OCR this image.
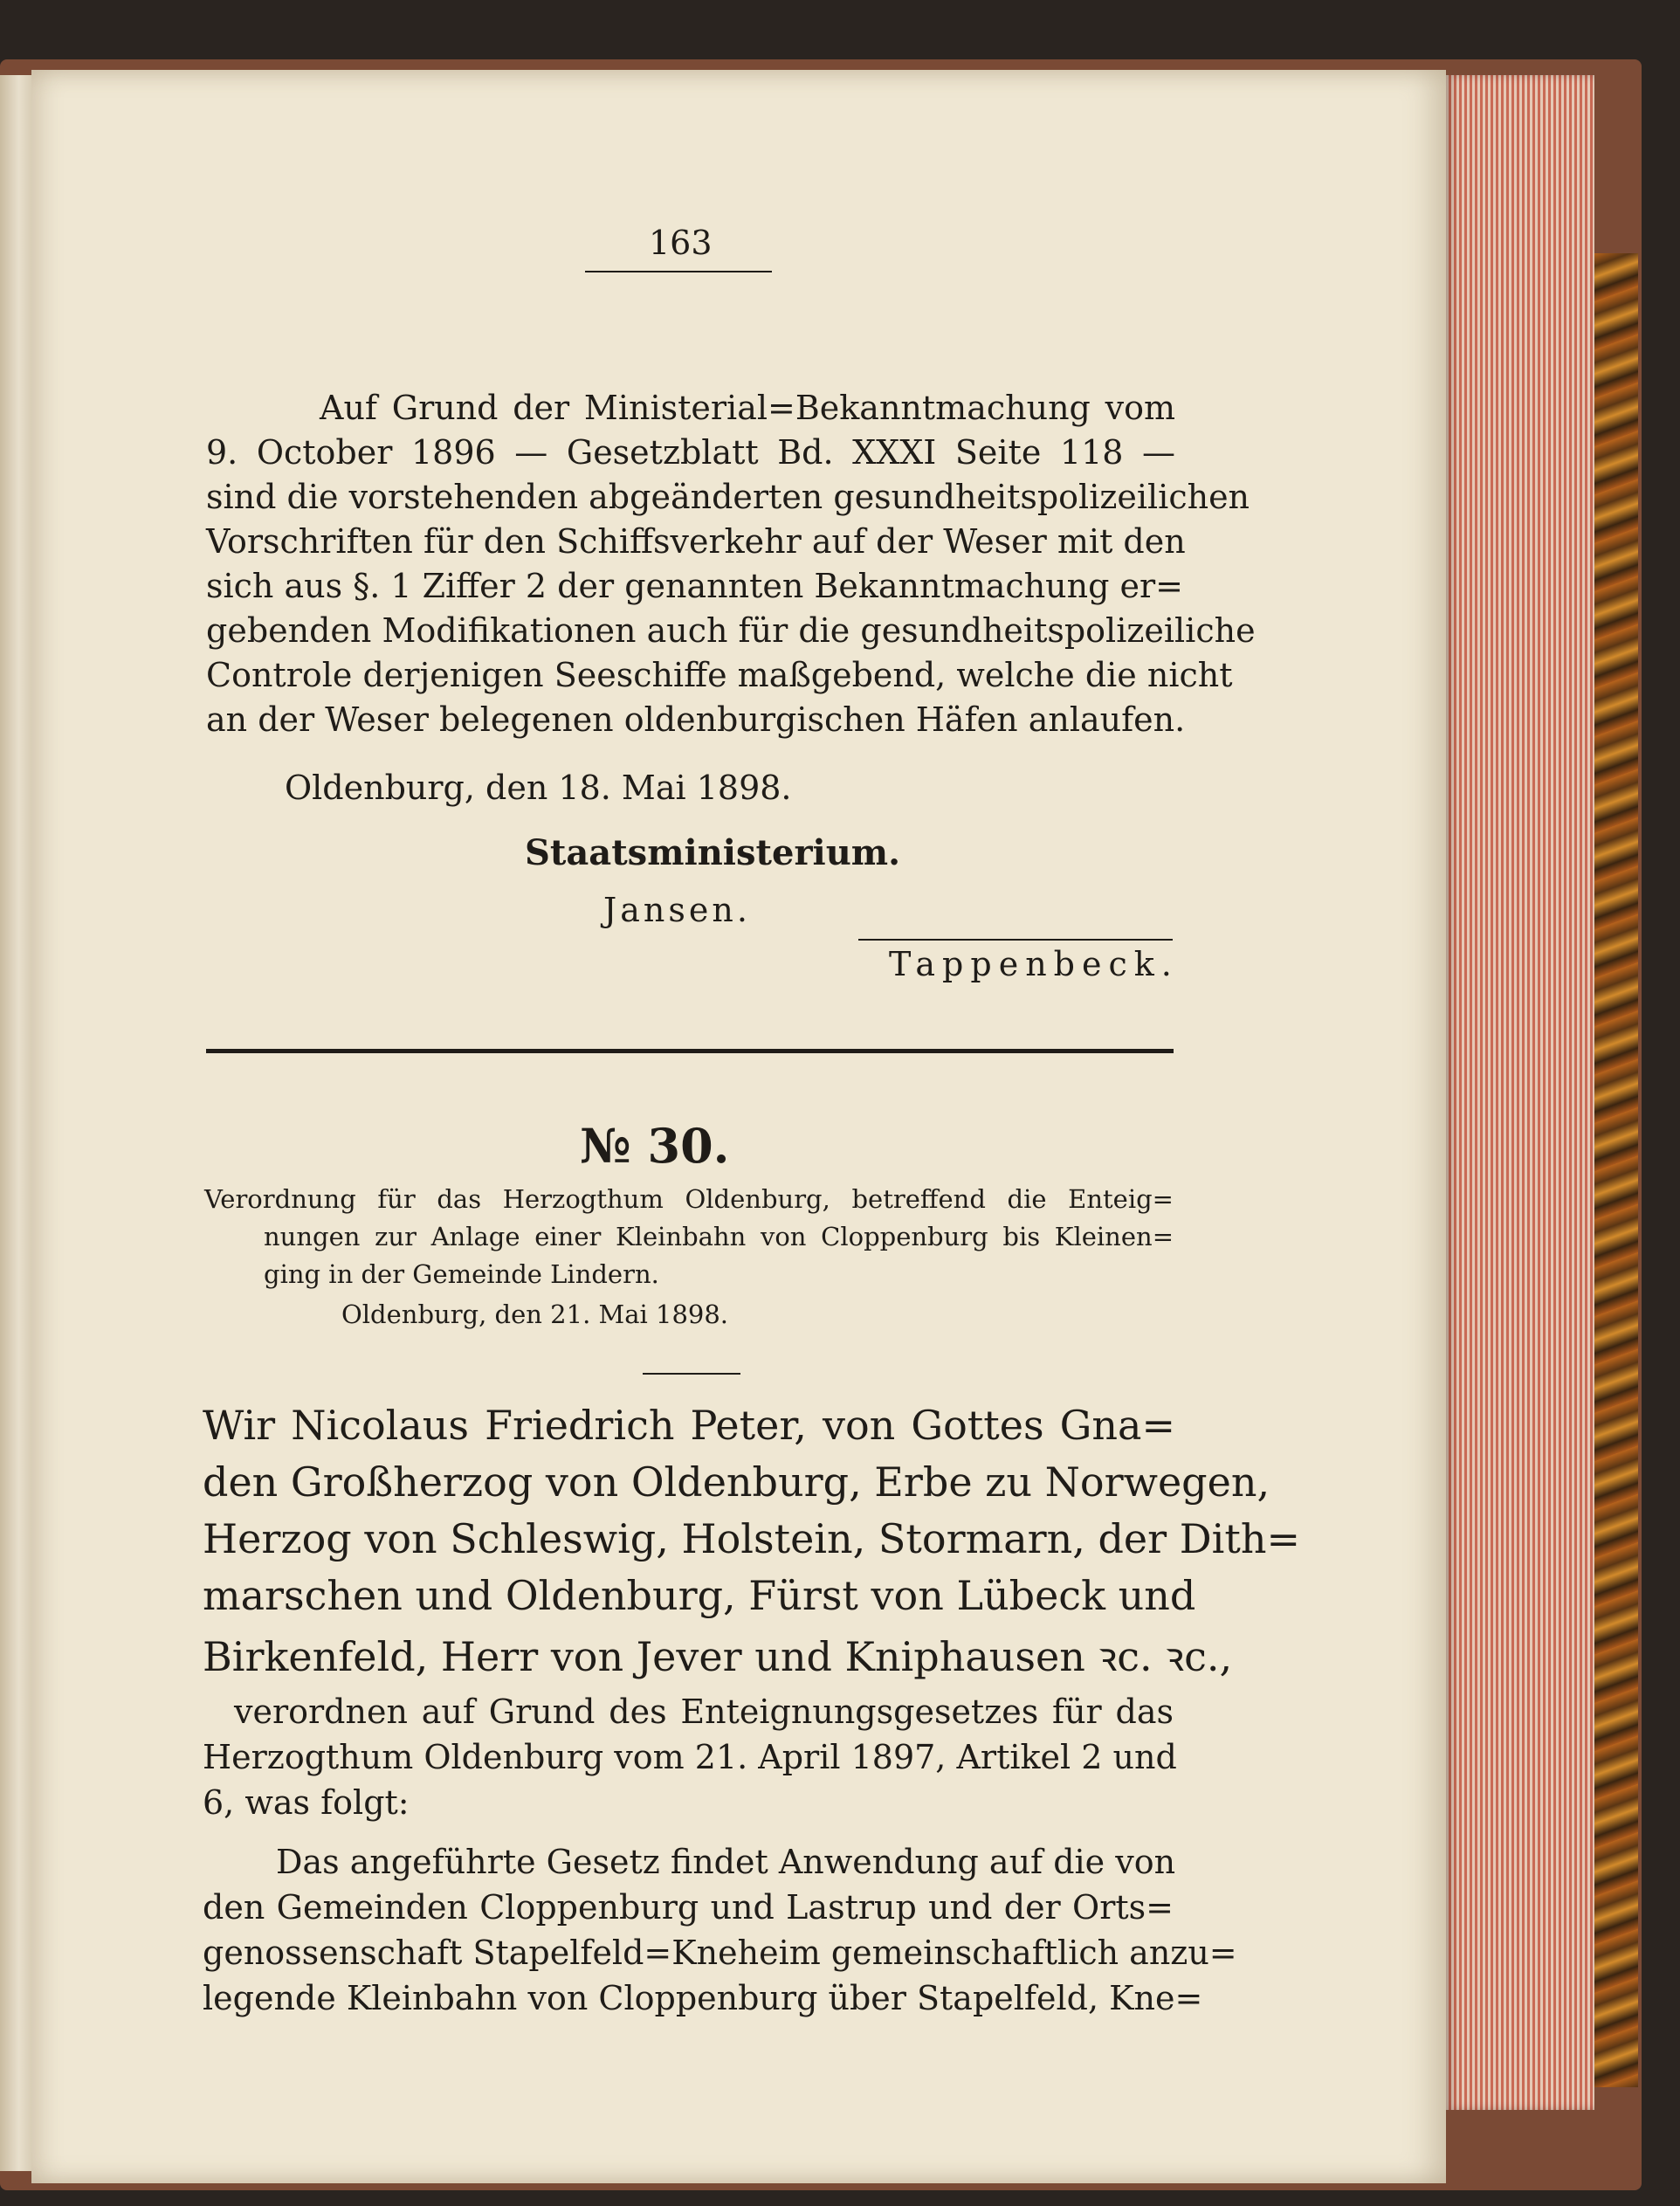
163
Auf Grund der Ministerial=Bekanntmachung vom
9. October 1896 — Gesetzblatt Bd. XXXI Seite 118 —
sind die vorstehenden abgeänderten gesundheitspolizeilichen
Vorschriften für den Schiffsverkehr auf der Weser mit den
sich aus §. 1 Ziffer 2 der genannten Bekanntmachung er=
gebenden Modifikationen auch für die gesundheitspolizeiliche
Controle derjenigen Seeschiffe maßgebend, welche die nicht
an der Weser belegenen oldenburgischen Häfen anlaufen.
Oldenburg, den 18. Mai 1898.
Staatsministerium.
Jansen.
Tappenbeck.
№ 30.
Verordnung für das Herzogthum Oldenburg, betreffend die Enteig=
nungen zur Anlage einer Kleinbahn von Cloppenburg bis Kleinen=
ging in der Gemeinde Lindern.
Oldenburg, den 21. Mai 1898.
Wir Nicolaus Friedrich Peter, von Gottes Gna=
den Großherzog von Oldenburg, Erbe zu Norwegen,
Herzog von Schleswig, Holstein, Stormarn, der Dith=
marschen und Oldenburg, Fürst von Lübeck und
Birkenfeld, Herr von Jever und Kniphausen ꝛc. ꝛc.,
verordnen auf Grund des Enteignungsgesetzes für das
Herzogthum Oldenburg vom 21. April 1897, Artikel 2 und
6, was folgt:
Das angeführte Gesetz findet Anwendung auf die von
den Gemeinden Cloppenburg und Lastrup und der Orts=
genossenschaft Stapelfeld=Kneheim gemeinschaftlich anzu=
legende Kleinbahn von Cloppenburg über Stapelfeld, Kne=
